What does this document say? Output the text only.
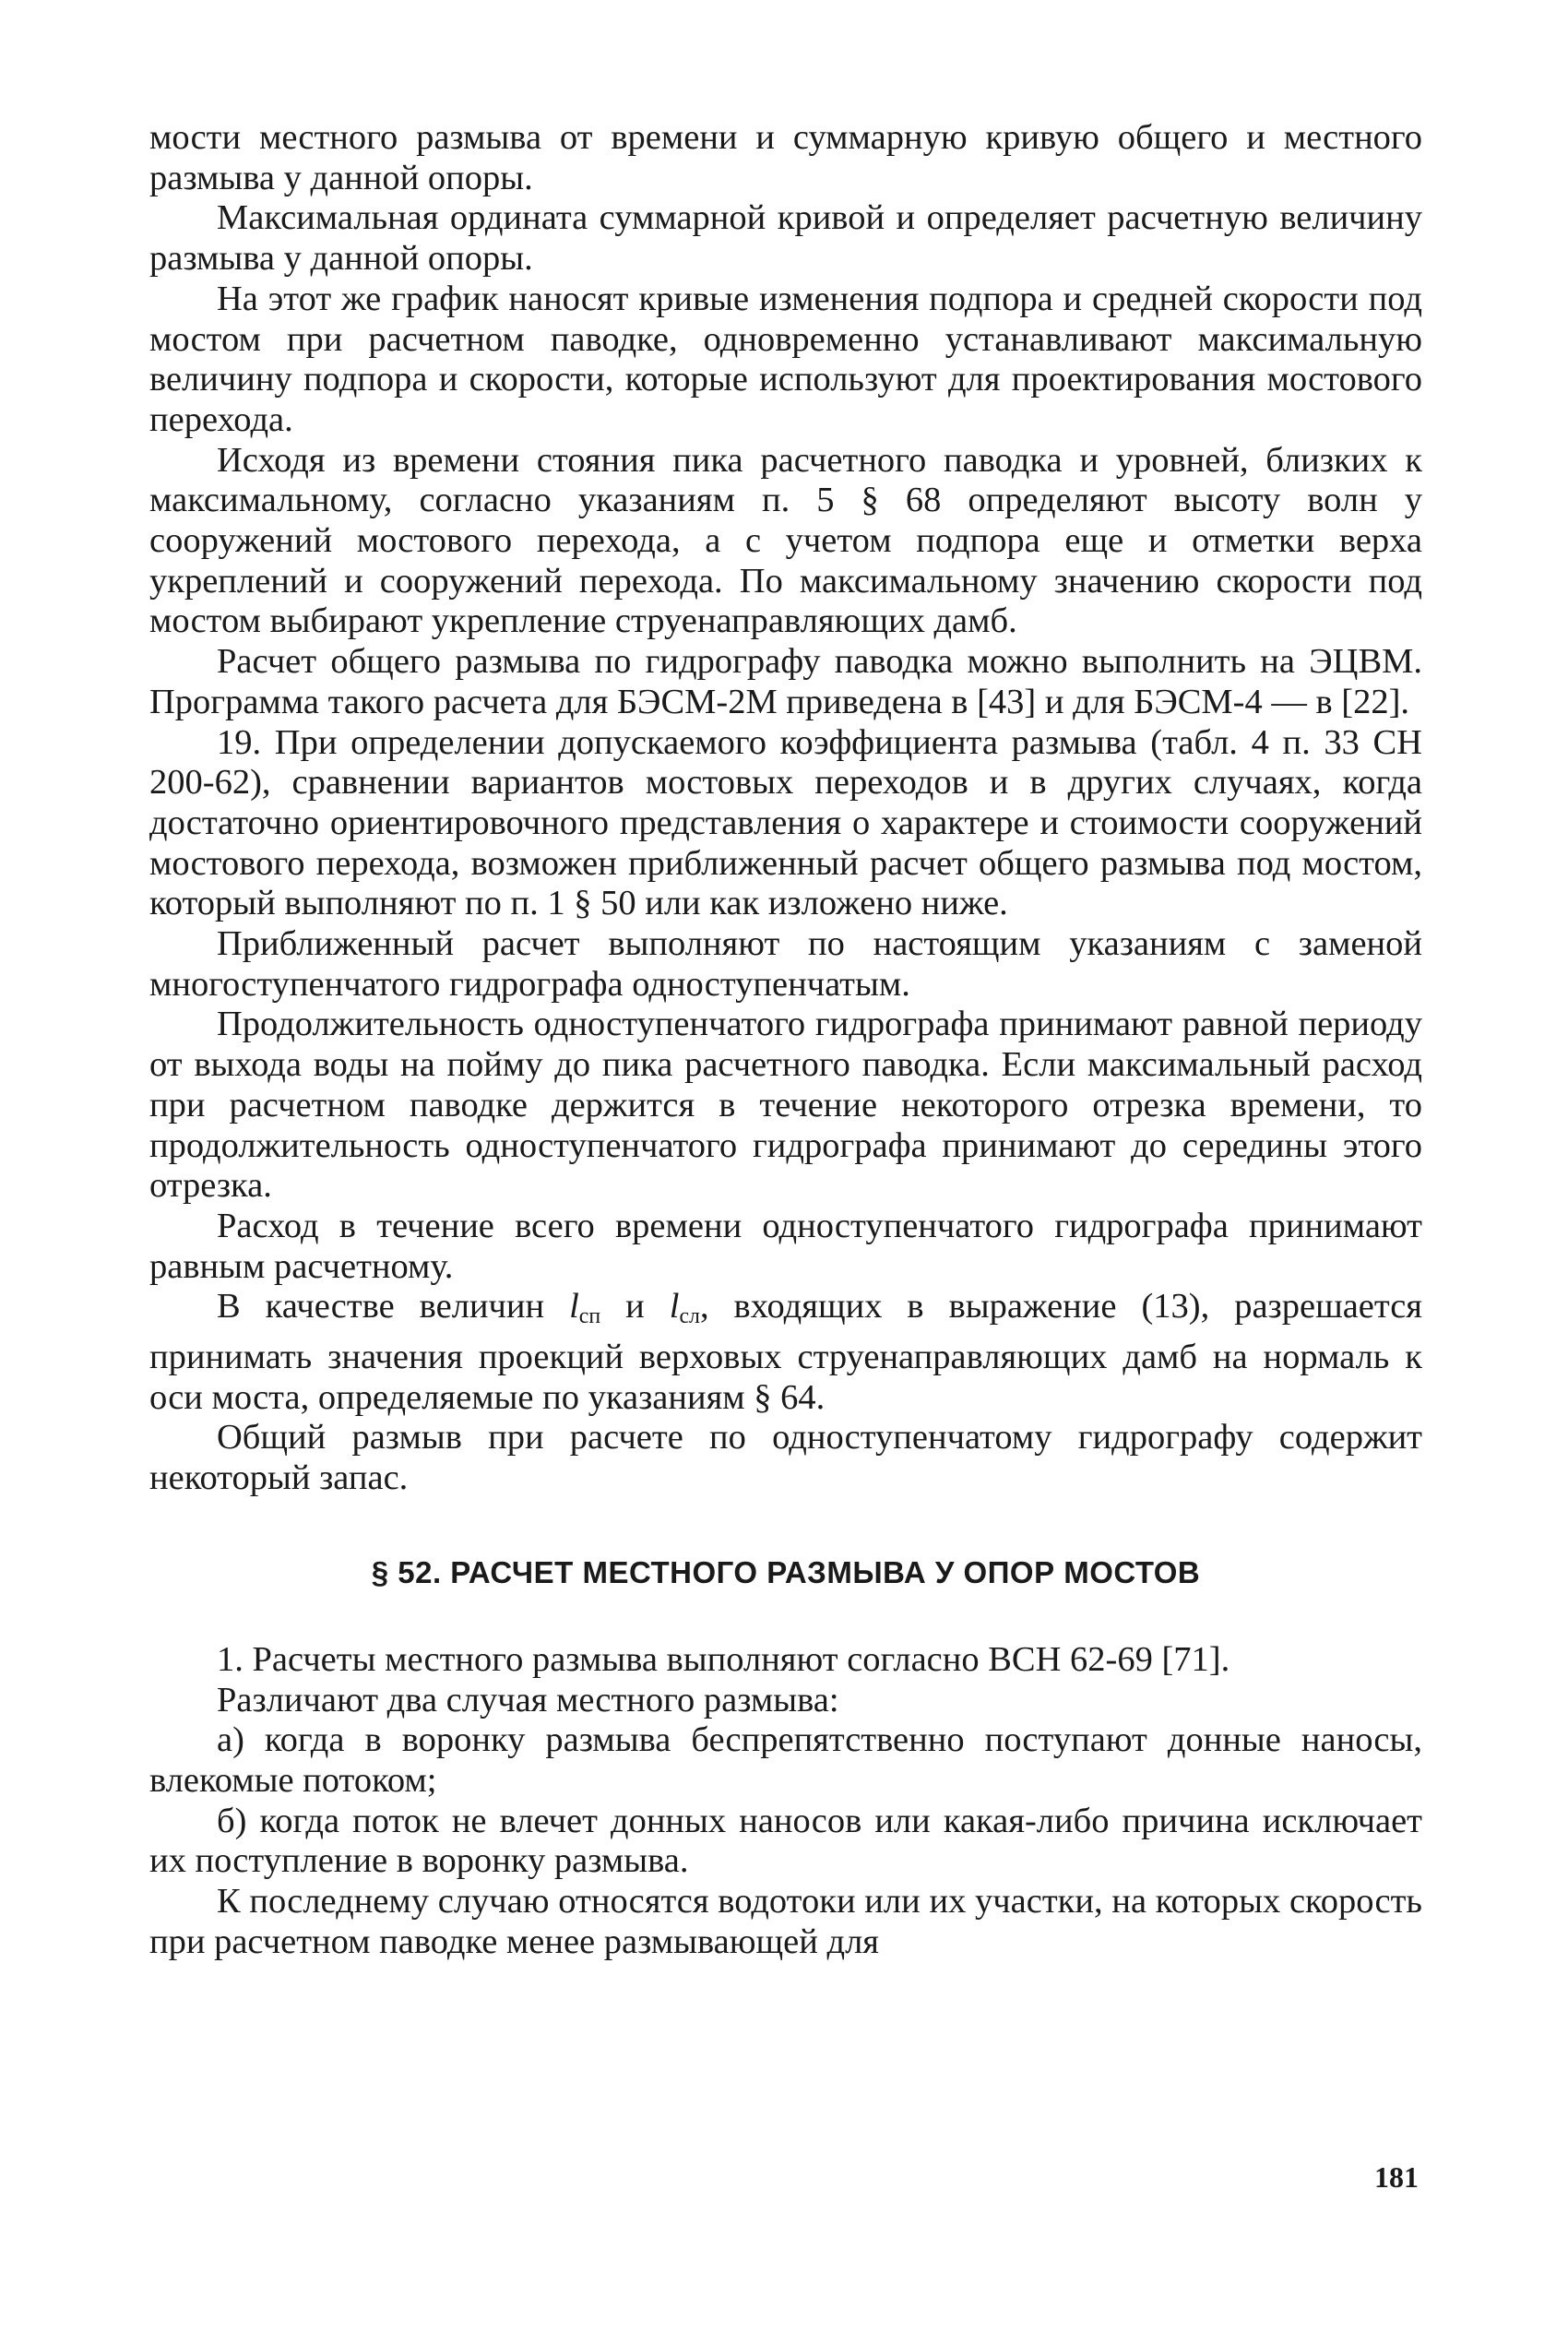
мости местного размыва от времени и суммарную кривую общего и местного размыва у данной опоры.

Максимальная ордината суммарной кривой и определяет расчетную величину размыва у данной опоры.

На этот же график наносят кривые изменения подпора и средней скорости под мостом при расчетном паводке, одновременно устанавливают максимальную величину подпора и скорости, которые используют для проектирования мостового перехода.

Исходя из времени стояния пика расчетного паводка и уровней, близких к максимальному, согласно указаниям п. 5 § 68 определяют высоту волн у сооружений мостового перехода, а с учетом подпора еще и отметки верха укреплений и сооружений перехода. По максимальному значению скорости под мостом выбирают укрепление струенаправляющих дамб.

Расчет общего размыва по гидрографу паводка можно выполнить на ЭЦВМ. Программа такого расчета для БЭСМ-2М приведена в [43] и для БЭСМ-4 — в [22].

19. При определении допускаемого коэффициента размыва (табл. 4 п. 33 СН 200-62), сравнении вариантов мостовых переходов и в других случаях, когда достаточно ориентировочного представления о характере и стоимости сооружений мостового перехода, возможен приближенный расчет общего размыва под мостом, который выполняют по п. 1 § 50 или как изложено ниже.

Приближенный расчет выполняют по настоящим указаниям с заменой многоступенчатого гидрографа одноступенчатым.

Продолжительность одноступенчатого гидрографа принимают равной периоду от выхода воды на пойму до пика расчетного паводка. Если максимальный расход при расчетном паводке держится в течение некоторого отрезка времени, то продолжительность одноступенчатого гидрографа принимают до середины этого отрезка.

Расход в течение всего времени одноступенчатого гидрографа принимают равным расчетному.

В качестве величин $l_{сп}$ и $l_{сл}$, входящих в выражение (13), разрешается принимать значения проекций верховых струенаправляющих дамб на нормаль к оси моста, определяемые по указаниям § 64.

Общий размыв при расчете по одноступенчатому гидрографу содержит некоторый запас.

§ 52. РАСЧЕТ МЕСТНОГО РАЗМЫВА У ОПОР МОСТОВ

1. Расчеты местного размыва выполняют согласно ВСН 62-69 [71].

Различают два случая местного размыва:

а) когда в воронку размыва беспрепятственно поступают донные наносы, влекомые потоком;

б) когда поток не влечет донных наносов или какая-либо причина исключает их поступление в воронку размыва.

К последнему случаю относятся водотоки или их участки, на которых скорость при расчетном паводке менее размывающей для

181
